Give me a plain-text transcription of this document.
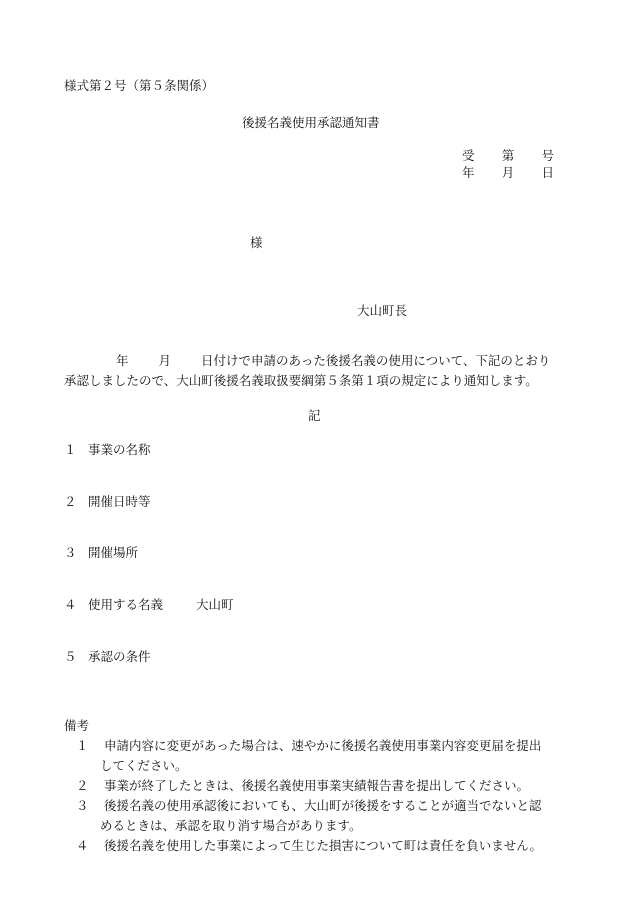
様式第２号（第５条関係）
後援名義使用承認通知書
受 第 号
年 月 日
様
大山町長
年 月 日付けで申請のあった後援名義の使用について、下記のとおり
承認しましたので、大山町後援名義取扱要綱第５条第１項の規定により通知します。
記
１ 事業の名称
２ 開催日時等
３ 開催場所
４ 使用する名義	大山町
５ 承認の条件
備考
１ 申請内容に変更があった場合は、速やかに後援名義使用事業内容変更届を提出
してください。
２ 事業が終了したときは、後援名義使用事業実績報告書を提出してください。
３ 後援名義の使用承認後においても、大山町が後援をすることが適当でないと認
めるときは、承認を取り消す場合があります。
４ 後援名義を使用した事業によって生じた損害について町は責任を負いません。
